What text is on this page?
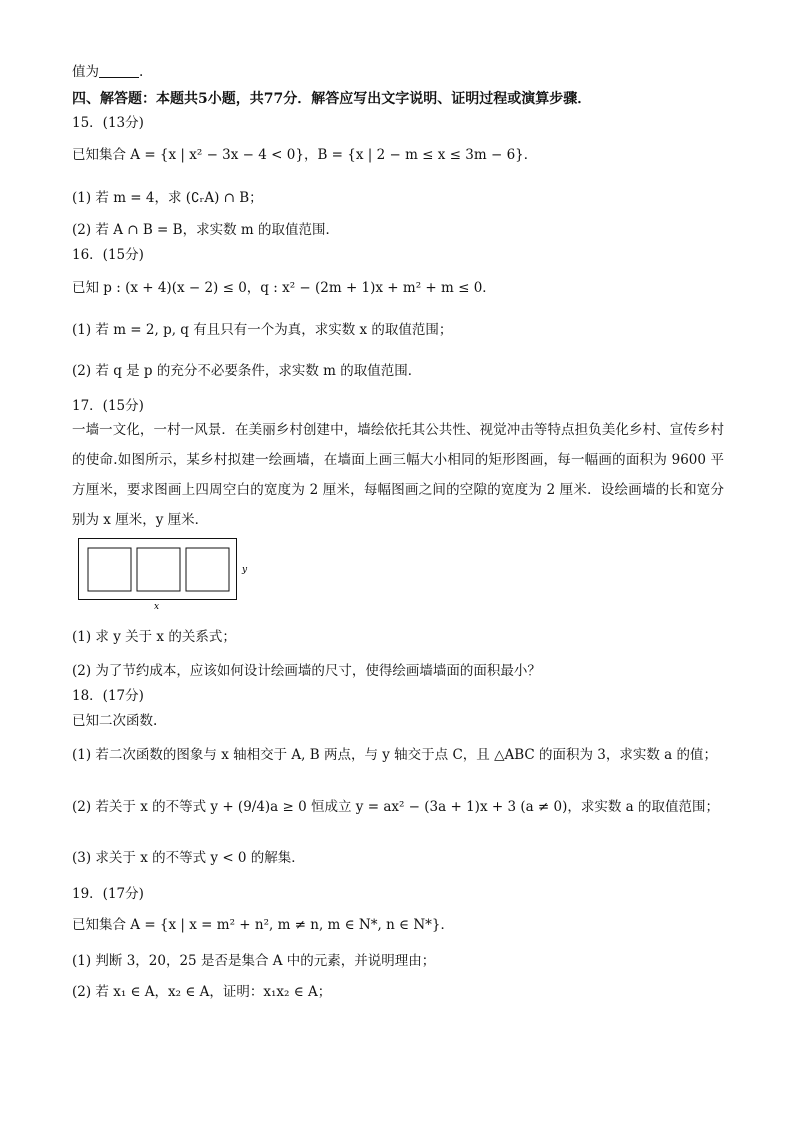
值为	.
四、解答题：本题共5小题，共77分．解答应写出文字说明、证明过程或演算步骤．
15．(13分)
已知集合 A = {x | x² − 3x − 4 < 0}，B = {x | 2 − m ≤ x ≤ 3m − 6}．
(1) 若 m = 4，求 (∁ᵣA) ∩ B；
(2) 若 A ∩ B = B，求实数 m 的取值范围．
16．(15分)
已知 p : (x + 4)(x − 2) ≤ 0，q : x² − (2m + 1)x + m² + m ≤ 0．
(1) 若 m = 2, p, q 有且只有一个为真，求实数 x 的取值范围；
(2) 若 q 是 p 的充分不必要条件，求实数 m 的取值范围．
17．(15分)
一墙一文化，一村一风景．在美丽乡村创建中，墙绘依托其公共性、视觉冲击等特点担负美化乡村、宣传乡村的使命.如图所示，某乡村拟建一绘画墙，在墙面上画三幅大小相同的矩形图画，每一幅画的面积为 9600 平方厘米，要求图画上四周空白的宽度为 2 厘米，每幅图画之间的空隙的宽度为 2 厘米．设绘画墙的长和宽分别为 x 厘米，y 厘米．
y
x
(1) 求 y 关于 x 的关系式；
(2) 为了节约成本，应该如何设计绘画墙的尺寸，使得绘画墙墙面的面积最小？
18．(17分)
已知二次函数.
(1) 若二次函数的图象与 x 轴相交于 A, B 两点，与 y 轴交于点 C，且 △ABC 的面积为 3，求实数 a 的值；
(2) 若关于 x 的不等式 y + (9/4)a ≥ 0 恒成立 y = ax² − (3a + 1)x + 3 (a ≠ 0)，求实数 a 的取值范围；
(3) 求关于 x 的不等式 y < 0 的解集．
19．(17分)
已知集合 A = {x | x = m² + n², m ≠ n, m ∈ N*, n ∈ N*}．
(1) 判断 3，20，25 是否是集合 A 中的元素，并说明理由；
(2) 若 x₁ ∈ A，x₂ ∈ A，证明：x₁x₂ ∈ A；
